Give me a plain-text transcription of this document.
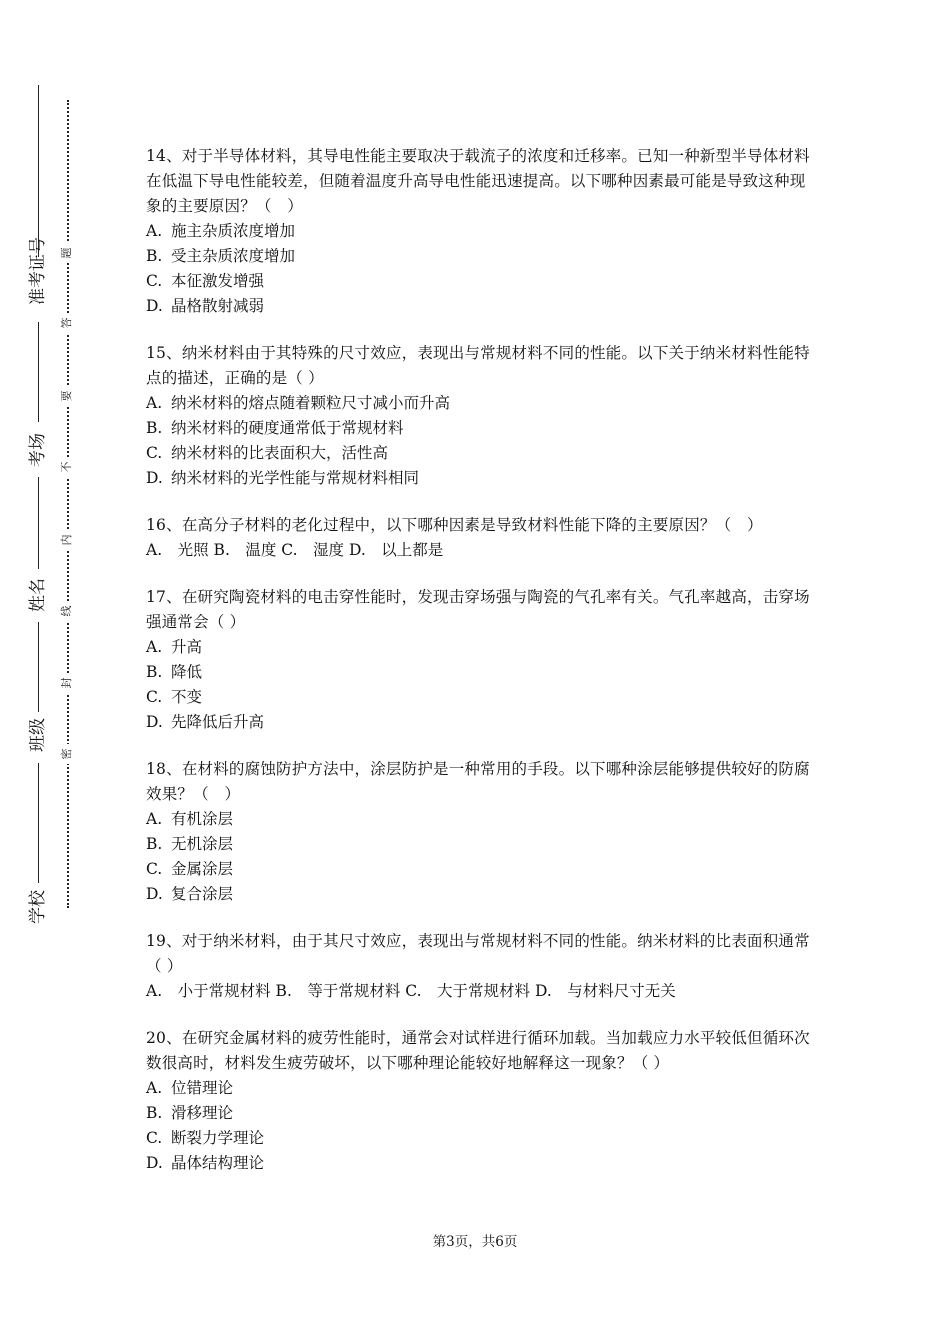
准考证号
考场
姓名
班级
学校
题
答
要
不
内
线
封
密
14、对于半导体材料，其导电性能主要取决于载流子的浓度和迁移率。已知一种新型半导体材料在低温下导电性能较差，但随着温度升高导电性能迅速提高。以下哪种因素最可能是导致这种现象的主要原因？（　）
A. 施主杂质浓度增加
B. 受主杂质浓度增加
C. 本征激发增强
D. 晶格散射减弱
15、纳米材料由于其特殊的尺寸效应，表现出与常规材料不同的性能。以下关于纳米材料性能特点的描述，正确的是（ ）
A. 纳米材料的熔点随着颗粒尺寸减小而升高
B. 纳米材料的硬度通常低于常规材料
C. 纳米材料的比表面积大，活性高
D. 纳米材料的光学性能与常规材料相同
16、在高分子材料的老化过程中，以下哪种因素是导致材料性能下降的主要原因？（　）
A.　光照 B.　温度 C.　湿度 D.　以上都是
17、在研究陶瓷材料的电击穿性能时，发现击穿场强与陶瓷的气孔率有关。气孔率越高，击穿场强通常会（ ）
A. 升高
B. 降低
C. 不变
D. 先降低后升高
18、在材料的腐蚀防护方法中，涂层防护是一种常用的手段。以下哪种涂层能够提供较好的防腐效果？（　）
A. 有机涂层
B. 无机涂层
C. 金属涂层
D. 复合涂层
19、对于纳米材料，由于其尺寸效应，表现出与常规材料不同的性能。纳米材料的比表面积通常（ ）
A.　小于常规材料 B.　等于常规材料 C.　大于常规材料 D.　与材料尺寸无关
20、在研究金属材料的疲劳性能时，通常会对试样进行循环加载。当加载应力水平较低但循环次数很高时，材料发生疲劳破坏，以下哪种理论能较好地解释这一现象？（ ）
A. 位错理论
B. 滑移理论
C. 断裂力学理论
D. 晶体结构理论
第3页，共6页
